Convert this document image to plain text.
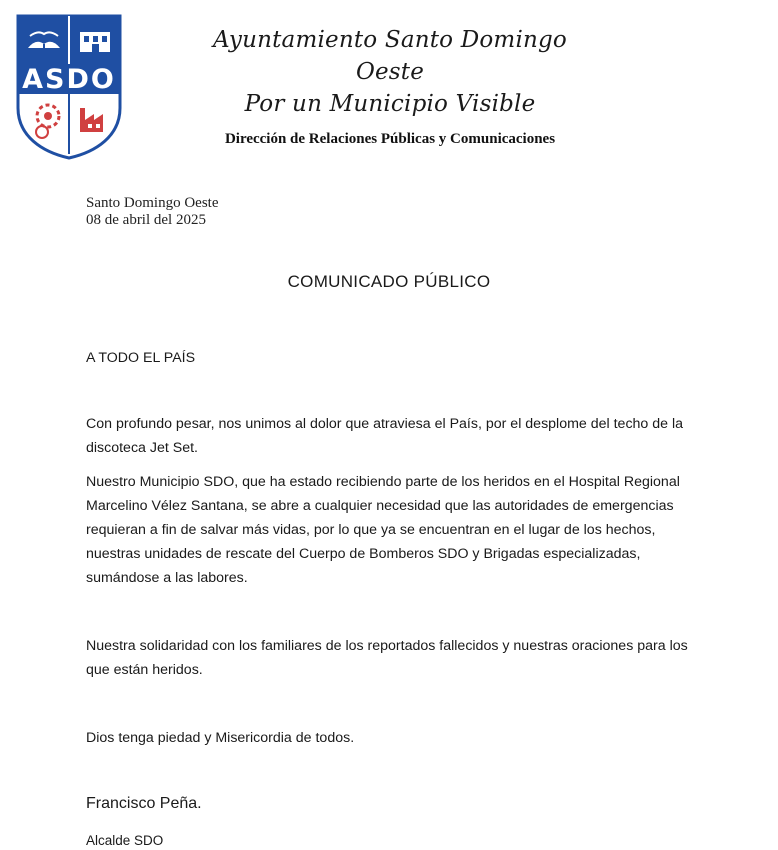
ASDO
Ayuntamiento Santo Domingo Oeste
Por un Municipio Visible
Dirección de Relaciones Públicas y Comunicaciones
Santo Domingo Oeste
08 de abril del 2025
COMUNICADO PÚBLICO
A TODO EL PAÍS
Con profundo pesar, nos unimos al dolor que atraviesa el País, por el desplome del techo de la discoteca Jet Set.
Nuestro Municipio SDO, que ha estado recibiendo parte de los heridos en el Hospital Regional Marcelino Vélez Santana, se abre a cualquier necesidad que las autoridades de emergencias requieran a fin de salvar más vidas, por lo que ya se encuentran en el lugar de los hechos, nuestras unidades de rescate del Cuerpo de Bomberos SDO y Brigadas especializadas, sumándose a las labores.
Nuestra solidaridad con los familiares de los reportados fallecidos y nuestras oraciones para los que están heridos.
Dios tenga piedad y Misericordia de todos.
Francisco Peña.
Alcalde SDO
